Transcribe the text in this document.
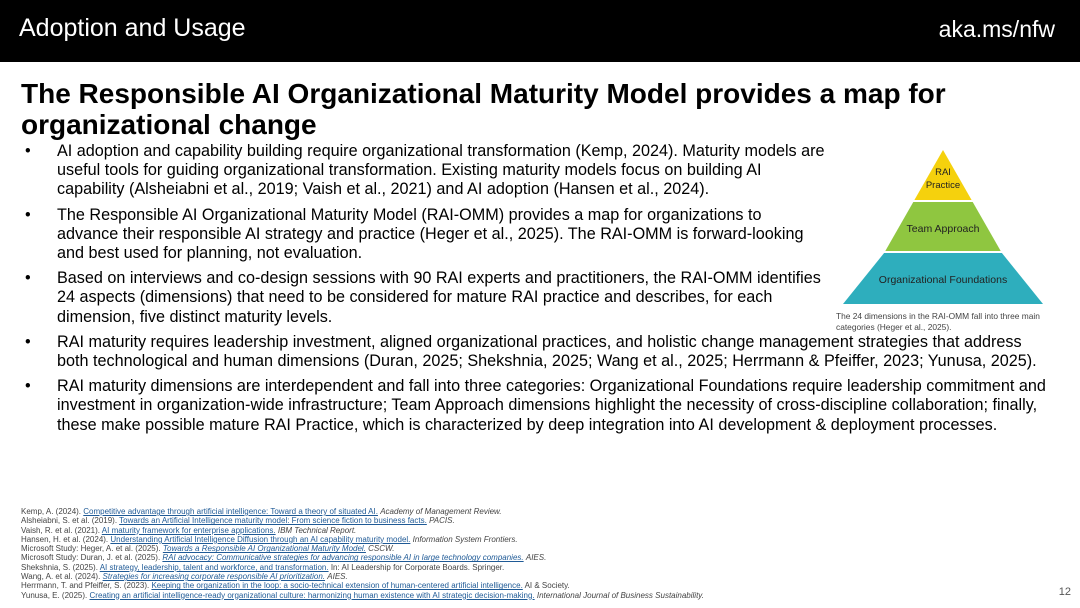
Adoption and Usage	aka.ms/nfw
The Responsible AI Organizational Maturity Model provides a map for organizational change
• AI adoption and capability building require organizational transformation (Kemp, 2024). Maturity models are useful tools for guiding organizational transformation. Existing maturity models focus on building AI capability (Alsheiabni et al., 2019; Vaish et al., 2021) and AI adoption (Hansen et al., 2024).
• The Responsible AI Organizational Maturity Model (RAI-OMM) provides a map for organizations to advance their responsible AI strategy and practice (Heger et al., 2025). The RAI-OMM is forward-looking and best used for planning, not evaluation.
• Based on interviews and co-design sessions with 90 RAI experts and practitioners, the RAI-OMM identifies 24 aspects (dimensions) that need to be considered for mature RAI practice and describes, for each dimension, five distinct maturity levels.
• RAI maturity requires leadership investment, aligned organizational practices, and holistic change management strategies that address both technological and human dimensions (Duran, 2025; Shekshnia, 2025; Wang et al., 2025; Herrmann & Pfeiffer, 2023; Yunusa, 2025).
• RAI maturity dimensions are interdependent and fall into three categories: Organizational Foundations require leadership commitment and investment in organization-wide infrastructure; Team Approach dimensions highlight the necessity of cross-discipline collaboration; finally, these make possible mature RAI Practice, which is characterized by deep integration into AI development & deployment processes.
RAI
Practice
Team Approach
Organizational Foundations
The 24 dimensions in the RAI-OMM fall into three main categories (Heger et al., 2025).
Kemp, A. (2024). Competitive advantage through artificial intelligence: Toward a theory of situated AI. Academy of Management Review.
Alsheiabni, S. et al. (2019). Towards an Artificial Intelligence maturity model: From science fiction to business facts. PACIS.
Vaish, R. et al. (2021). AI maturity framework for enterprise applications. IBM Technical Report.
Hansen, H. et al. (2024). Understanding Artificial Intelligence Diffusion through an AI capability maturity model. Information System Frontiers.
Microsoft Study: Heger, A. et al. (2025). Towards a Responsible AI Organizational Maturity Model. CSCW.
Microsoft Study: Duran, J. et al. (2025). RAI advocacy: Communicative strategies for advancing responsible AI in large technology companies. AIES.
Shekshnia, S. (2025). AI strategy, leadership, talent and workforce, and transformation. In: AI Leadership for Corporate Boards. Springer.
Wang, A. et al. (2024). Strategies for increasing corporate responsible AI prioritization. AIES.
Herrmann, T. and Pfeiffer, S. (2023). Keeping the organization in the loop: a socio-technical extension of human-centered artificial intelligence. AI & Society.
Yunusa, E. (2025). Creating an artificial intelligence-ready organizational culture: harmonizing human existence with AI strategic decision-making. International Journal of Business Sustainability.	12
